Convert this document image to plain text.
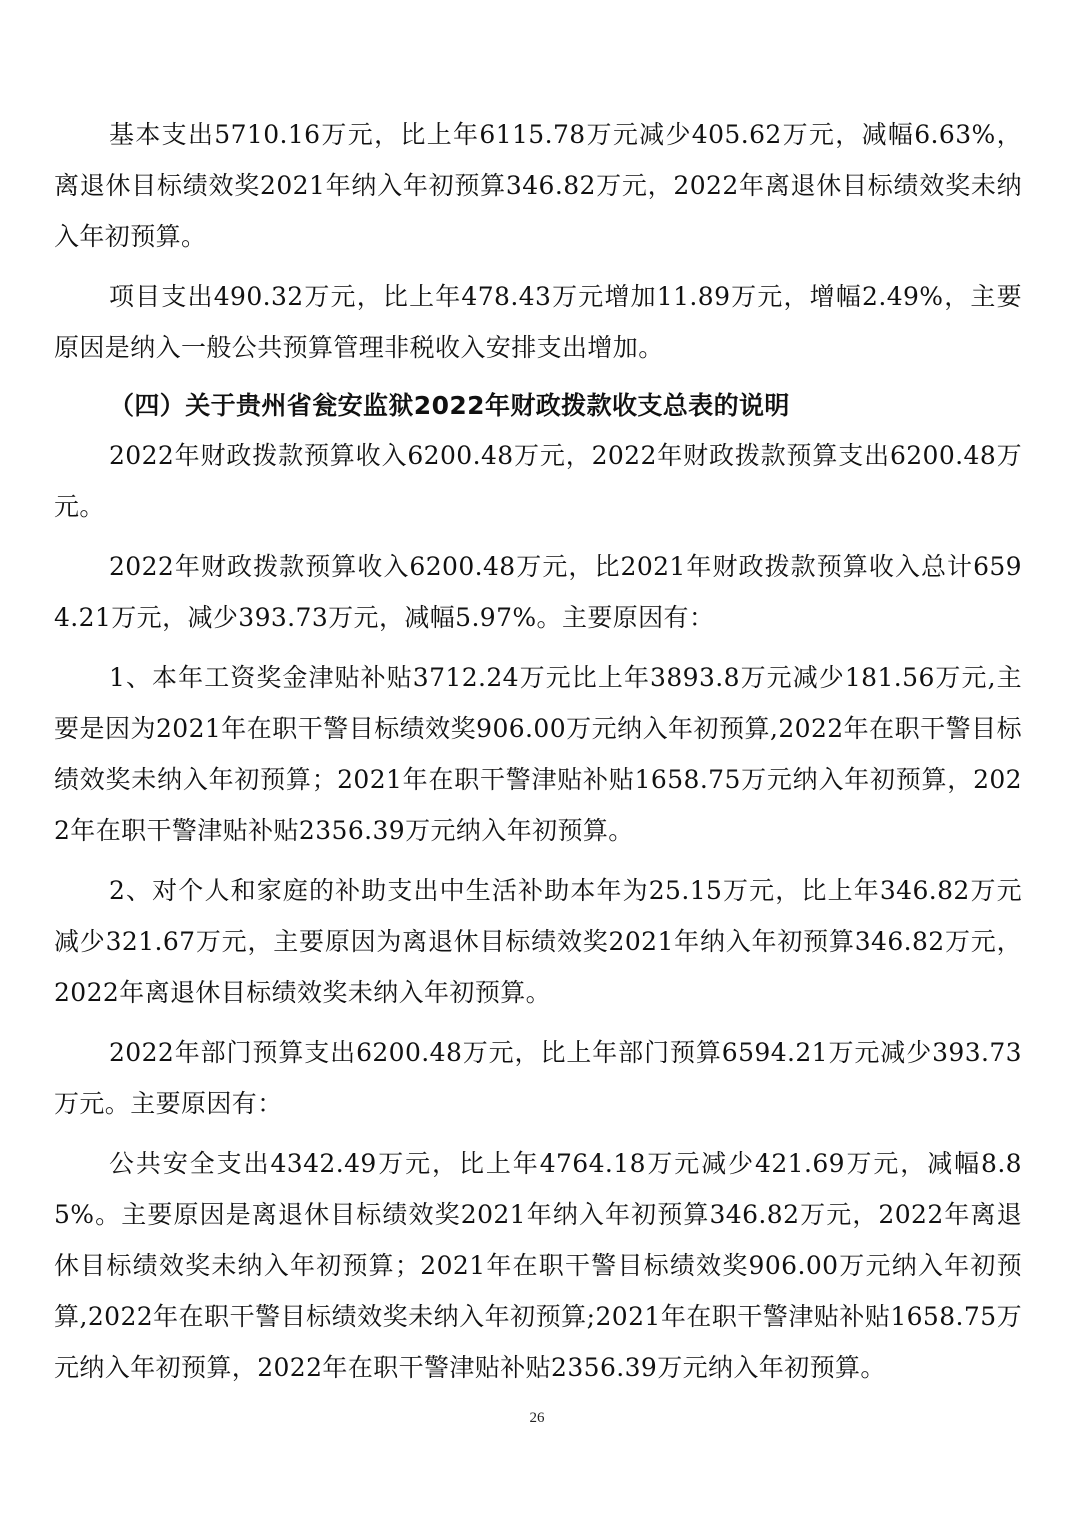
基本支出5710.16万元，比上年6115.78万元减少405.62万元，减幅6.63%，离退休目标绩效奖2021年纳入年初预算346.82万元，2022年离退休目标绩效奖未纳入年初预算。

项目支出490.32万元，比上年478.43万元增加11.89万元，增幅2.49%，主要原因是纳入一般公共预算管理非税收入安排支出增加。

（四）关于贵州省瓮安监狱2022年财政拨款收支总表的说明

2022年财政拨款预算收入6200.48万元，2022年财政拨款预算支出6200.48万元。

2022年财政拨款预算收入6200.48万元，比2021年财政拨款预算收入总计6594.21万元，减少393.73万元，减幅5.97%。主要原因有：

1、本年工资奖金津贴补贴3712.24万元比上年3893.8万元减少181.56万元,主要是因为2021年在职干警目标绩效奖906.00万元纳入年初预算,2022年在职干警目标绩效奖未纳入年初预算；2021年在职干警津贴补贴1658.75万元纳入年初预算，2022年在职干警津贴补贴2356.39万元纳入年初预算。

2、对个人和家庭的补助支出中生活补助本年为25.15万元，比上年346.82万元减少321.67万元，主要原因为离退休目标绩效奖2021年纳入年初预算346.82万元，2022年离退休目标绩效奖未纳入年初预算。

2022年部门预算支出6200.48万元，比上年部门预算6594.21万元减少393.73万元。主要原因有：

公共安全支出4342.49万元，比上年4764.18万元减少421.69万元，减幅8.85%。主要原因是离退休目标绩效奖2021年纳入年初预算346.82万元，2022年离退休目标绩效奖未纳入年初预算；2021年在职干警目标绩效奖906.00万元纳入年初预算,2022年在职干警目标绩效奖未纳入年初预算;2021年在职干警津贴补贴1658.75万元纳入年初预算，2022年在职干警津贴补贴2356.39万元纳入年初预算。

26
